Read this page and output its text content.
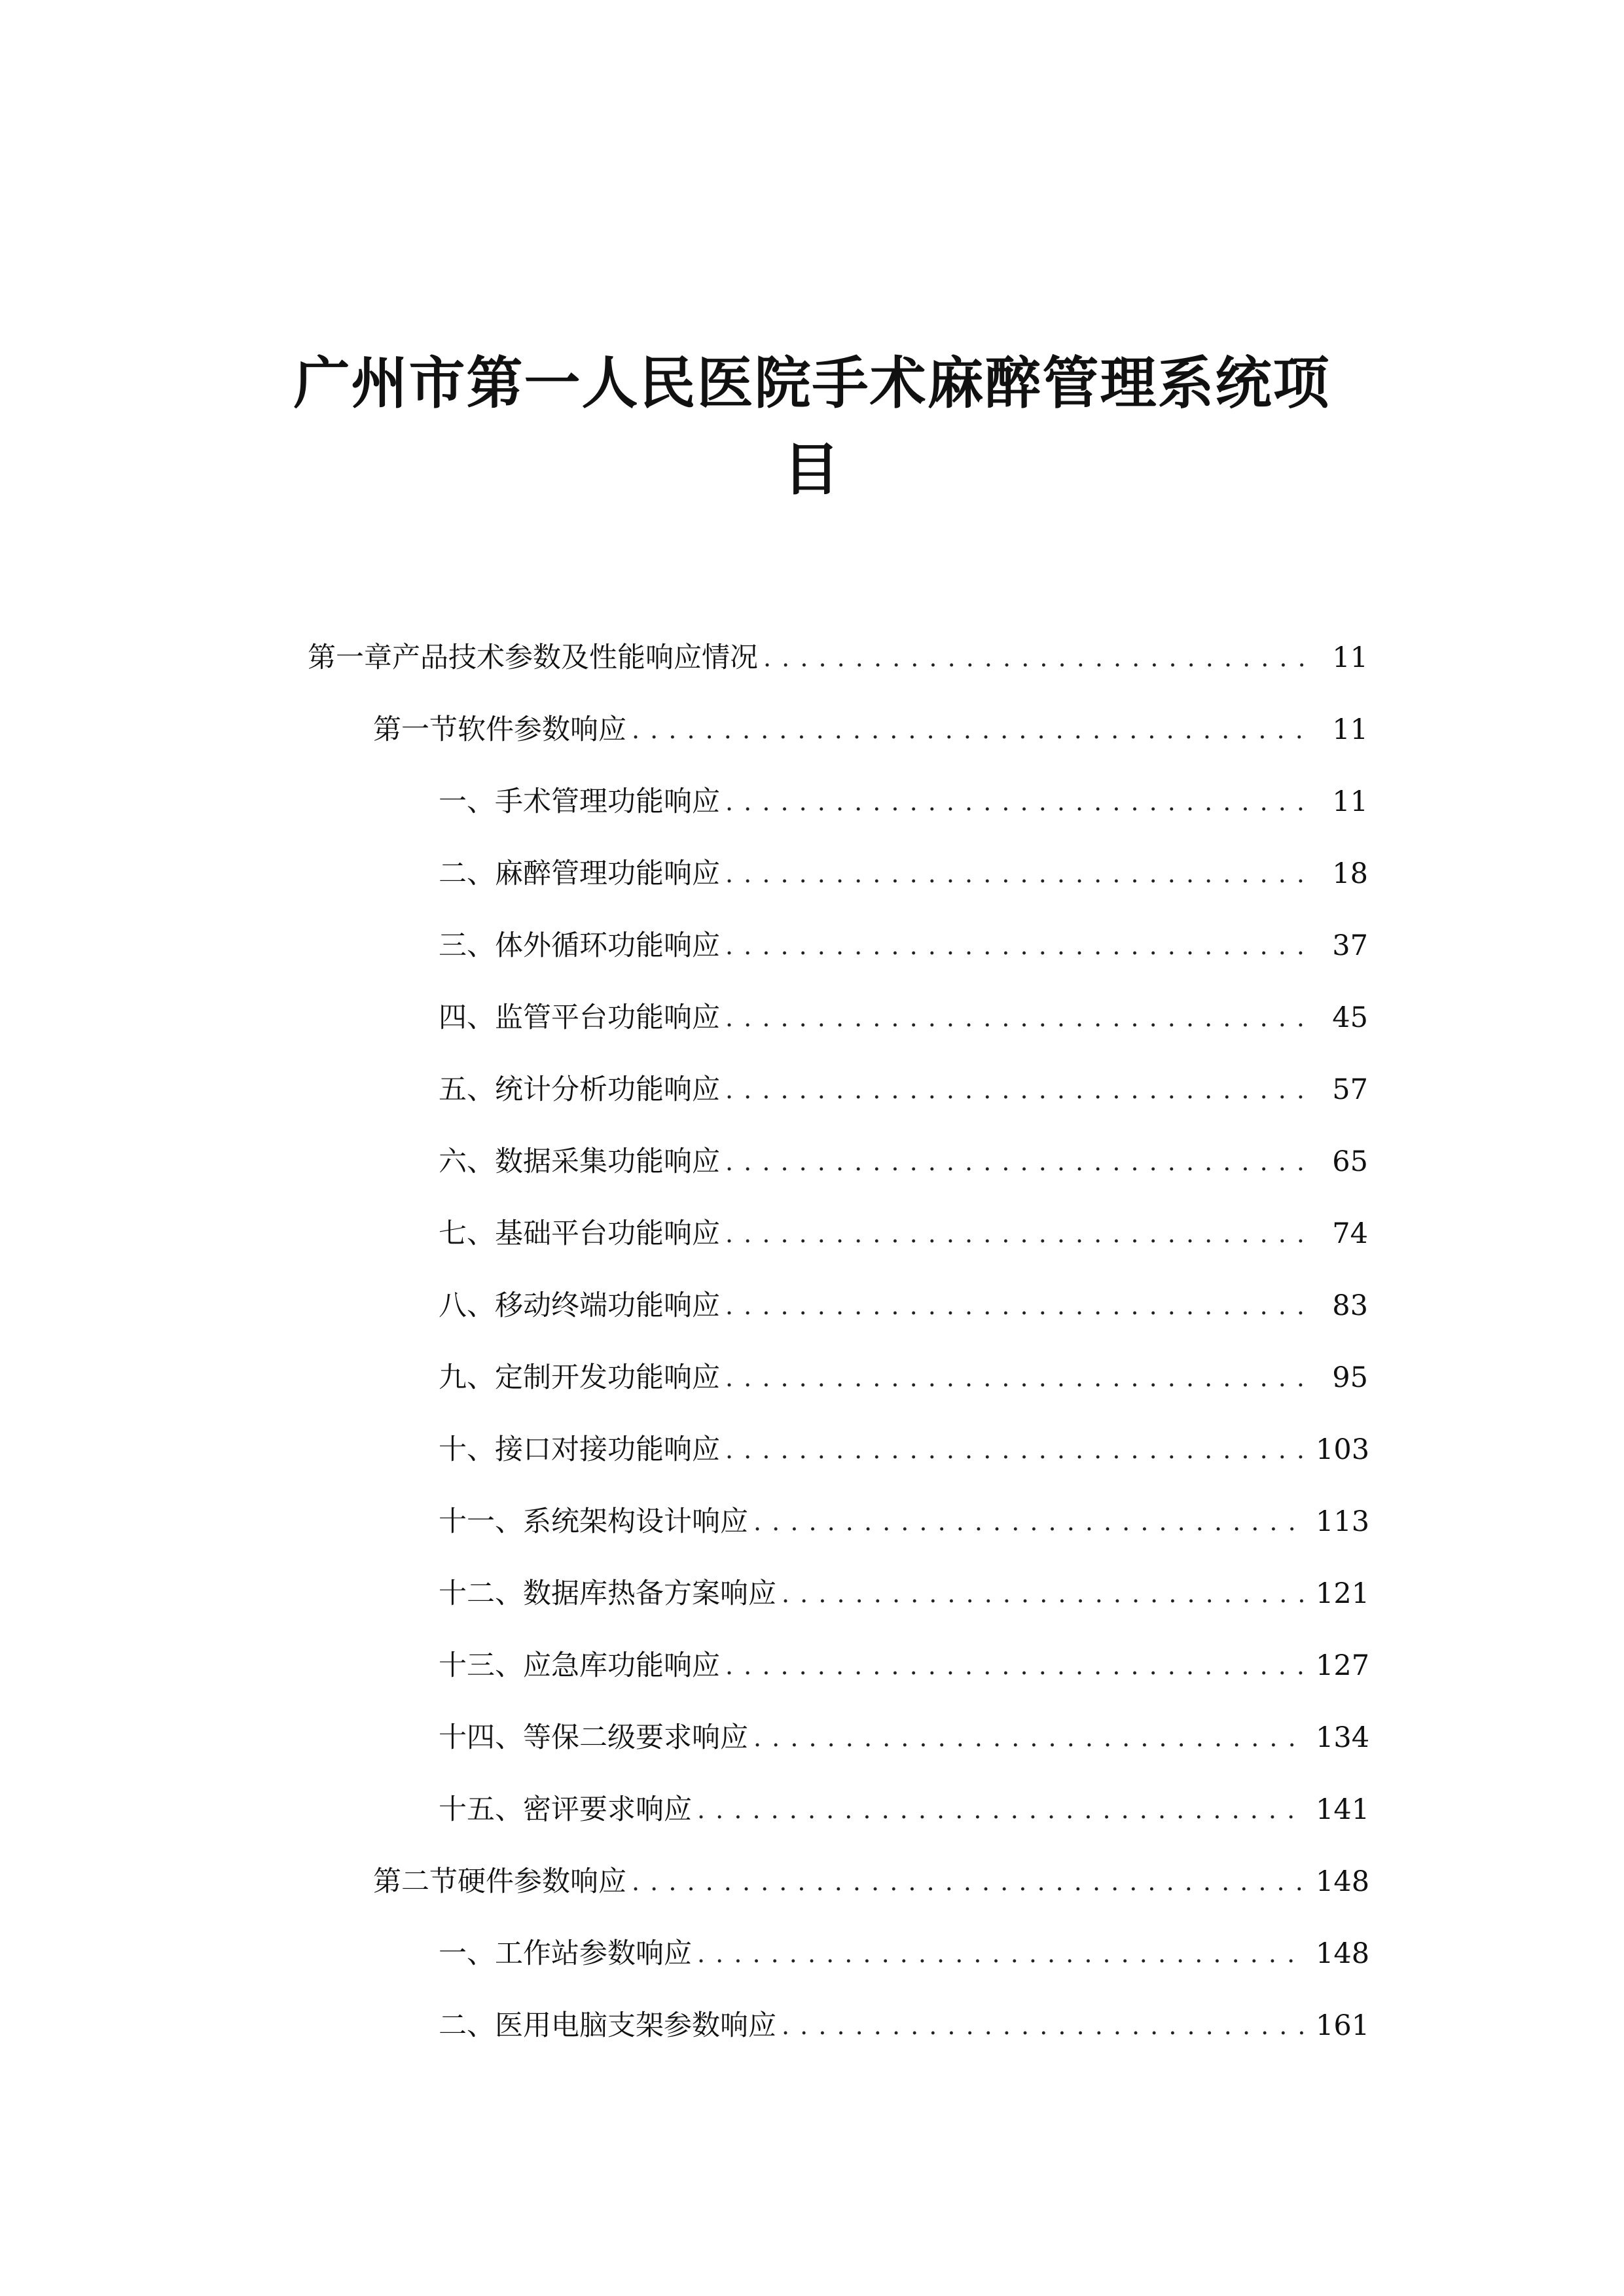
广州市第一人民医院手术麻醉管理系统项
目
第一章 产品技术参数及性能响应情况 . . .	11
第一节 软件参数响应 . . .	11
一、 手术管理功能响应 . . .	11
二、 麻醉管理功能响应 . . .	18
三、 体外循环功能响应 . . .	37
四、 监管平台功能响应 . . .	45
五、 统计分析功能响应 . . .	57
六、 数据采集功能响应 . . .	65
七、 基础平台功能响应 . . .	74
八、 移动终端功能响应 . . .	83
九、 定制开发功能响应 . . .	95
十、 接口对接功能响应 . . .	103
十一、 系统架构设计响应 . . .	113
十二、 数据库热备方案响应 . . .	121
十三、 应急库功能响应 . . .	127
十四、 等保二级要求响应 . . .	134
十五、 密评要求响应 . . .	141
第二节 硬件参数响应 . . .	148
一、 工作站参数响应 . . .	148
二、 医用电脑支架参数响应 . . .	161
